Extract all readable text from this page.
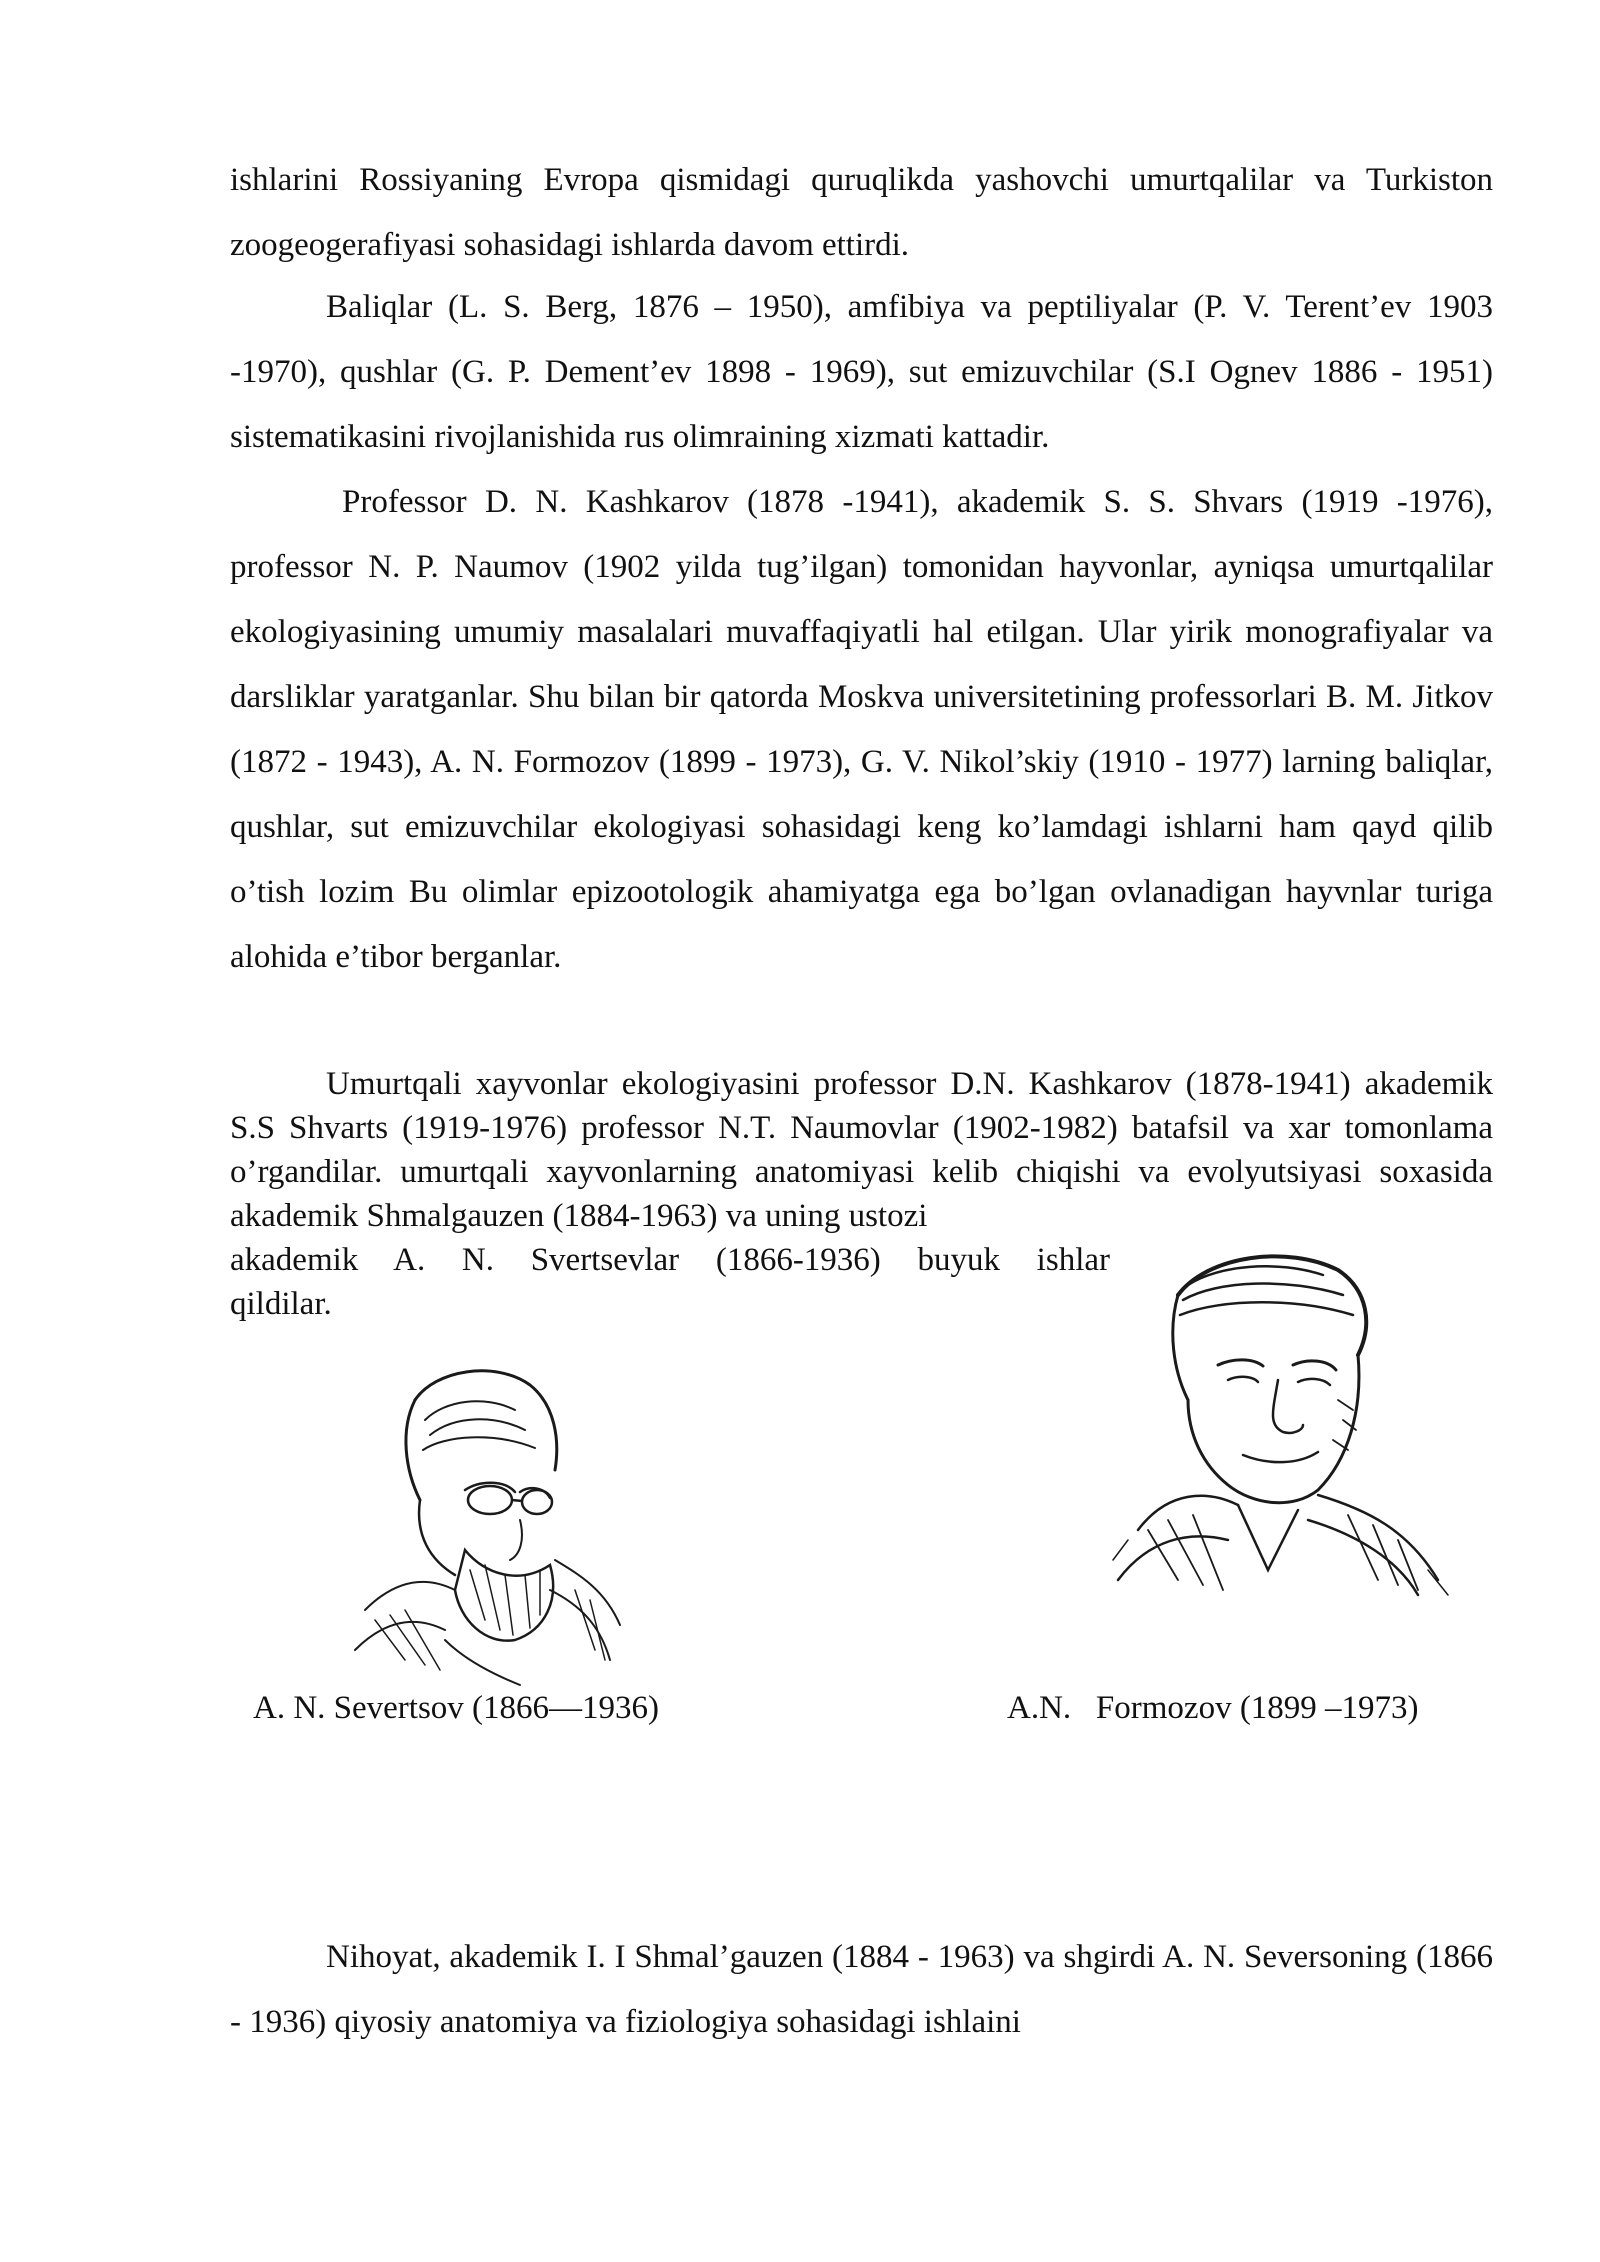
ishlarini Rossiyaning Evropa qismidagi quruqlikda yashovchi umurtqalilar va Turkiston zoogeogerafiyasi sohasidagi ishlarda davom ettirdi.

Baliqlar (L. S. Berg, 1876 – 1950), amfibiya va peptiliyalar (P. V. Terent’ev 1903 -1970), qushlar (G. P. Dement’ev 1898 - 1969), sut emizuvchilar (S.I Ognev 1886 - 1951) sistematikasini rivojlanishida rus olimraining xizmati kattadir.

Professor D. N. Kashkarov (1878 -1941), akademik S. S. Shvars (1919 -1976), professor N. P. Naumov (1902 yilda tug’ilgan) tomonidan hayvonlar, ayniqsa umurtqalilar ekologiyasining umumiy masalalari muvaffaqiyatli hal etilgan. Ular yirik monografiyalar va darsliklar yaratganlar. Shu bilan bir qatorda Moskva universitetining professorlari B. M. Jitkov (1872 - 1943), A. N. Formozov (1899 - 1973), G. V. Nikol’skiy (1910 - 1977) larning baliqlar, qushlar, sut emizuvchilar ekologiyasi sohasidagi keng ko’lamdagi ishlarni ham qayd qilib o’tish lozim Bu olimlar epizootologik ahamiyatga ega bo’lgan ovlanadigan hayvnlar turiga alohida e’tibor berganlar.

Umurtqali xayvonlar ekologiyasini professor D.N. Kashkarov (1878-1941) akademik S.S Shvarts (1919-1976) professor N.T. Naumovlar (1902-1982) batafsil va xar tomonlama o’rgandilar. umurtqali xayvonlarning anatomiyasi kelib chiqishi va evolyutsiyasi soxasida akademik Shmalgauzen (1884-1963) va uning ustozi

akademik A. N. Svertsevlar (1866-1936) buyuk ishlar

qildilar.

A. N. Severtsov (1866—1936)	A.N.   Formozov (1899 –1973)

Nihoyat, akademik I. I Shmal’gauzen (1884 - 1963) va shgirdi A. N. Seversoning (1866 - 1936) qiyosiy anatomiya va fiziologiya sohasidagi ishlaini
